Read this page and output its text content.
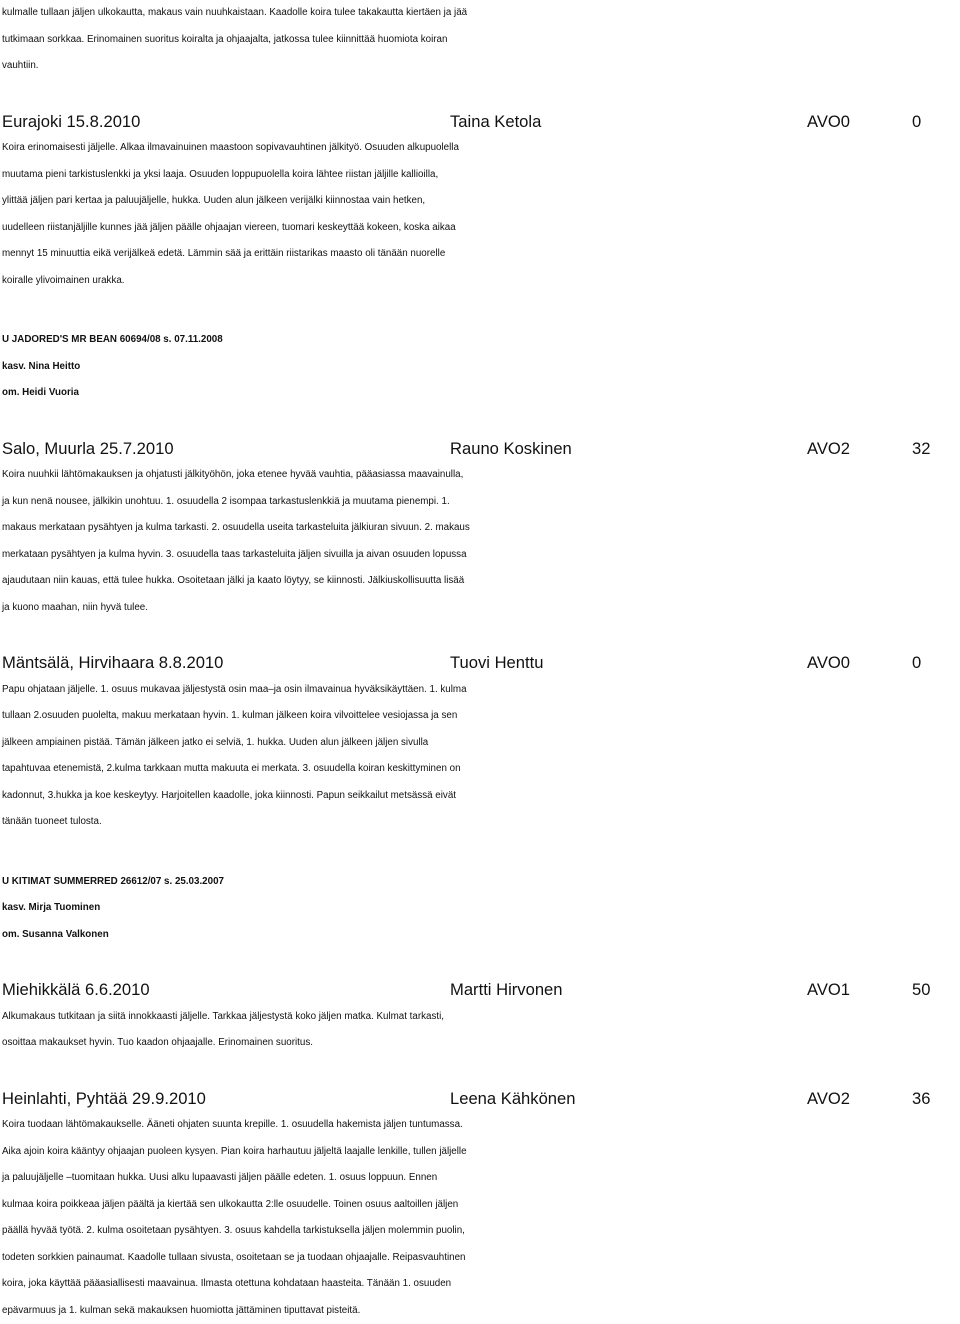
kulmalle tullaan jäljen ulkokautta, makaus vain nuuhkaistaan. Kaadolle koira tulee takakautta kiertäen ja jää
tutkimaan sorkkaa. Erinomainen suoritus koiralta ja ohjaajalta, jatkossa tulee kiinnittää huomiota koiran
vauhtiin.
Eurajoki 15.8.2010	Taina Ketola	AVO0	0
Koira erinomaisesti jäljelle. Alkaa ilmavainuinen maastoon sopivavauhtinen jälkityö. Osuuden alkupuolella
muutama pieni tarkistuslenkki ja yksi laaja. Osuuden loppupuolella koira lähtee riistan jäljille kallioilla,
ylittää jäljen pari kertaa ja paluujäljelle, hukka. Uuden alun jälkeen verijälki kiinnostaa vain hetken,
uudelleen riistanjäljille kunnes jää jäljen päälle ohjaajan viereen, tuomari keskeyttää kokeen, koska aikaa
mennyt 15 minuuttia eikä verijälkeä edetä. Lämmin sää ja erittäin riistarikas maasto oli tänään nuorelle
koiralle ylivoimainen urakka.
U JADORED'S MR BEAN 60694/08 s. 07.11.2008
kasv. Nina Heitto
om. Heidi Vuoria
Salo, Muurla 25.7.2010	Rauno Koskinen	AVO2	32
Koira nuuhkii lähtömakauksen ja ohjatusti jälkityöhön, joka etenee hyvää vauhtia, pääasiassa maavainulla,
ja kun nenä nousee, jälkikin unohtuu. 1. osuudella 2 isompaa tarkastuslenkkiä ja muutama pienempi. 1.
makaus merkataan pysähtyen ja kulma tarkasti. 2. osuudella useita tarkasteluita jälkiuran sivuun. 2. makaus
merkataan pysähtyen ja kulma hyvin. 3. osuudella taas tarkasteluita jäljen sivuilla ja aivan osuuden lopussa
ajaudutaan niin kauas, että tulee hukka. Osoitetaan jälki ja kaato löytyy, se kiinnosti. Jälkiuskollisuutta lisää
ja kuono maahan, niin hyvä tulee.
Mäntsälä, Hirvihaara 8.8.2010	Tuovi Henttu	AVO0	0
Papu ohjataan jäljelle. 1. osuus mukavaa jäljestystä osin maa–ja osin ilmavainua hyväksikäyttäen. 1. kulma
tullaan 2.osuuden puolelta, makuu merkataan hyvin. 1. kulman jälkeen koira vilvoittelee vesiojassa ja sen
jälkeen ampiainen pistää. Tämän jälkeen jatko ei selviä, 1. hukka. Uuden alun jälkeen jäljen sivulla
tapahtuvaa etenemistä, 2.kulma tarkkaan mutta makuuta ei merkata. 3. osuudella koiran keskittyminen on
kadonnut, 3.hukka ja koe keskeytyy. Harjoitellen kaadolle, joka kiinnosti. Papun seikkailut metsässä eivät
tänään tuoneet tulosta.
U KITIMAT SUMMERRED 26612/07 s. 25.03.2007
kasv. Mirja Tuominen
om. Susanna Valkonen
Miehikkälä 6.6.2010	Martti Hirvonen	AVO1	50
Alkumakaus tutkitaan ja siitä innokkaasti jäljelle. Tarkkaa jäljestystä koko jäljen matka. Kulmat tarkasti,
osoittaa makaukset hyvin. Tuo kaadon ohjaajalle. Erinomainen suoritus.
Heinlahti, Pyhtää 29.9.2010	Leena Kähkönen	AVO2	36
Koira tuodaan lähtömakaukselle. Ääneti ohjaten suunta krepille. 1. osuudella hakemista jäljen tuntumassa.
Aika ajoin koira kääntyy ohjaajan puoleen kysyen. Pian koira harhautuu jäljeltä laajalle lenkille, tullen jäljelle
ja paluujäljelle –tuomitaan hukka. Uusi alku lupaavasti jäljen päälle edeten. 1. osuus loppuun. Ennen
kulmaa koira poikkeaa jäljen päältä ja kiertää sen ulkokautta 2:lle osuudelle. Toinen osuus aaltoillen jäljen
päällä hyvää työtä. 2. kulma osoitetaan pysähtyen. 3. osuus kahdella tarkistuksella jäljen molemmin puolin,
todeten sorkkien painaumat. Kaadolle tullaan sivusta, osoitetaan se ja tuodaan ohjaajalle. Reipasvauhtinen
koira, joka käyttää pääasiallisesti maavainua. Ilmasta otettuna kohdataan haasteita. Tänään 1. osuuden
epävarmuus ja 1. kulman sekä makauksen huomiotta jättäminen tiputtavat pisteitä.
